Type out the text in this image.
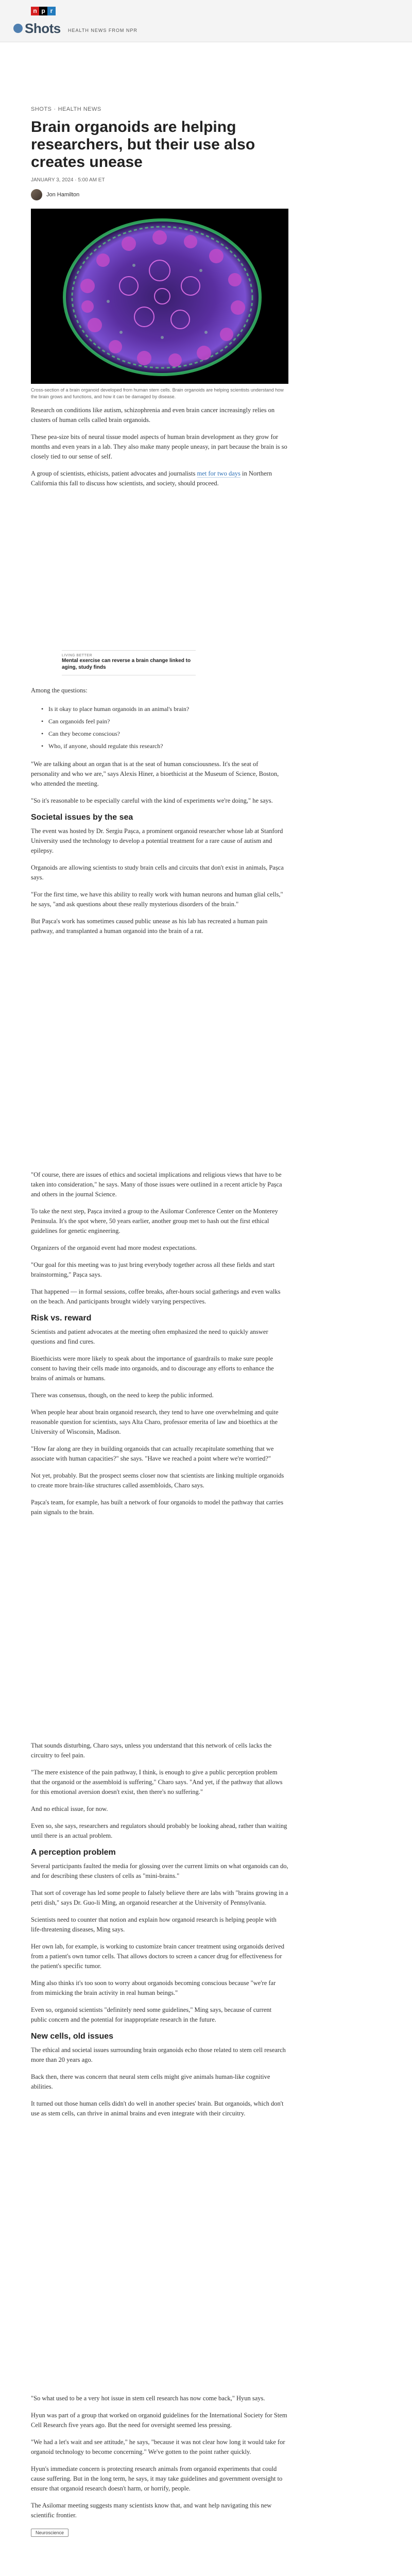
n p r
Shots HEALTH NEWS FROM NPR
SHOTS · HEALTH NEWS
Brain organoids are helping researchers, but their use also creates unease
JANUARY 3, 2024 · 5:00 AM ET
Jon Hamilton
Cross-section of a brain organoid developed from human stem cells. Brain organoids are helping scientists understand how the brain grows and functions, and how it can be damaged by disease.

Research on conditions like autism, schizophrenia and even brain cancer increasingly relies on clusters of human cells called brain organoids.

These pea-size bits of neural tissue model aspects of human brain development as they grow for months and even years in a lab. They also make many people uneasy, in part because the brain is so closely tied to our sense of self.

A group of scientists, ethicists, patient advocates and journalists met for two days in Northern California this fall to discuss how scientists, and society, should proceed.

LIVING BETTER
Mental exercise can reverse a brain change linked to aging, study finds

Among the questions:

• Is it okay to place human organoids in an animal's brain?
• Can organoids feel pain?
• Can they become conscious?
• Who, if anyone, should regulate this research?

"We are talking about an organ that is at the seat of human consciousness. It's the seat of personality and who we are," says Alexis Hiner, a bioethicist at the Museum of Science, Boston, who attended the meeting.

"So it's reasonable to be especially careful with the kind of experiments we're doing," he says.

Societal issues by the sea

The event was hosted by Dr. Sergiu Pașca, a prominent organoid researcher whose lab at Stanford University used the technology to develop a potential treatment for a rare cause of autism and epilepsy.

Organoids are allowing scientists to study brain cells and circuits that don't exist in animals, Pașca says.

"For the first time, we have this ability to really work with human neurons and human glial cells," he says, "and ask questions about these really mysterious disorders of the brain."

But Pașca's work has sometimes caused public unease as his lab has recreated a human pain pathway, and transplanted a human organoid into the brain of a rat.

"Of course, there are issues of ethics and societal implications and religious views that have to be taken into consideration," he says. Many of those issues were outlined in a recent article by Pașca and others in the journal Science.

To take the next step, Pașca invited a group to the Asilomar Conference Center on the Monterey Peninsula. It's the spot where, 50 years earlier, another group met to hash out the first ethical guidelines for genetic engineering.

Organizers of the organoid event had more modest expectations.

"Our goal for this meeting was to just bring everybody together across all these fields and start brainstorming," Pașca says.

That happened — in formal sessions, coffee breaks, after-hours social gatherings and even walks on the beach. And participants brought widely varying perspectives.

Risk vs. reward

Scientists and patient advocates at the meeting often emphasized the need to quickly answer questions and find cures.

Bioethicists were more likely to speak about the importance of guardrails to make sure people consent to having their cells made into organoids, and to discourage any efforts to enhance the brains of animals or humans.

There was consensus, though, on the need to keep the public informed.

When people hear about brain organoid research, they tend to have one overwhelming and quite reasonable question for scientists, says Alta Charo, professor emerita of law and bioethics at the University of Wisconsin, Madison.

"How far along are they in building organoids that can actually recapitulate something that we associate with human capacities?" she says. "Have we reached a point where we're worried?"

Not yet, probably. But the prospect seems closer now that scientists are linking multiple organoids to create more brain-like structures called assembloids, Charo says.

Pașca's team, for example, has built a network of four organoids to model the pathway that carries pain signals to the brain.

That sounds disturbing, Charo says, unless you understand that this network of cells lacks the circuitry to feel pain.

"The mere existence of the pain pathway, I think, is enough to give a public perception problem that the organoid or the assembloid is suffering," Charo says. "And yet, if the pathway that allows for this emotional aversion doesn't exist, then there's no suffering."

And no ethical issue, for now.

Even so, she says, researchers and regulators should probably be looking ahead, rather than waiting until there is an actual problem.

A perception problem

Several participants faulted the media for glossing over the current limits on what organoids can do, and for describing these clusters of cells as "mini-brains."

That sort of coverage has led some people to falsely believe there are labs with "brains growing in a petri dish," says Dr. Guo-li Ming, an organoid researcher at the University of Pennsylvania.

Scientists need to counter that notion and explain how organoid research is helping people with life-threatening diseases, Ming says.

Her own lab, for example, is working to customize brain cancer treatment using organoids derived from a patient's own tumor cells. That allows doctors to screen a cancer drug for effectiveness for the patient's specific tumor.

Ming also thinks it's too soon to worry about organoids becoming conscious because "we're far from mimicking the brain activity in real human beings."

Even so, organoid scientists "definitely need some guidelines," Ming says, because of current public concern and the potential for inappropriate research in the future.

New cells, old issues

The ethical and societal issues surrounding brain organoids echo those related to stem cell research more than 20 years ago.

Back then, there was concern that neural stem cells might give animals human-like cognitive abilities.

It turned out those human cells didn't do well in another species' brain. But organoids, which don't use as stem cells, can thrive in animal brains and even integrate with their circuitry.

"So what used to be a very hot issue in stem cell research has now come back," Hyun says.

Hyun was part of a group that worked on organoid guidelines for the International Society for Stem Cell Research five years ago. But the need for oversight seemed less pressing.

"We had a let's wait and see attitude," he says, "because it was not clear how long it would take for organoid technology to become concerning." We've gotten to the point rather quickly.

Hyun's immediate concern is protecting research animals from organoid experiments that could cause suffering. But in the long term, he says, it may take guidelines and government oversight to ensure that organoid research doesn't harm, or horrify, people.

The Asilomar meeting suggests many scientists know that, and want help navigating this new scientific frontier.

Neuroscience
